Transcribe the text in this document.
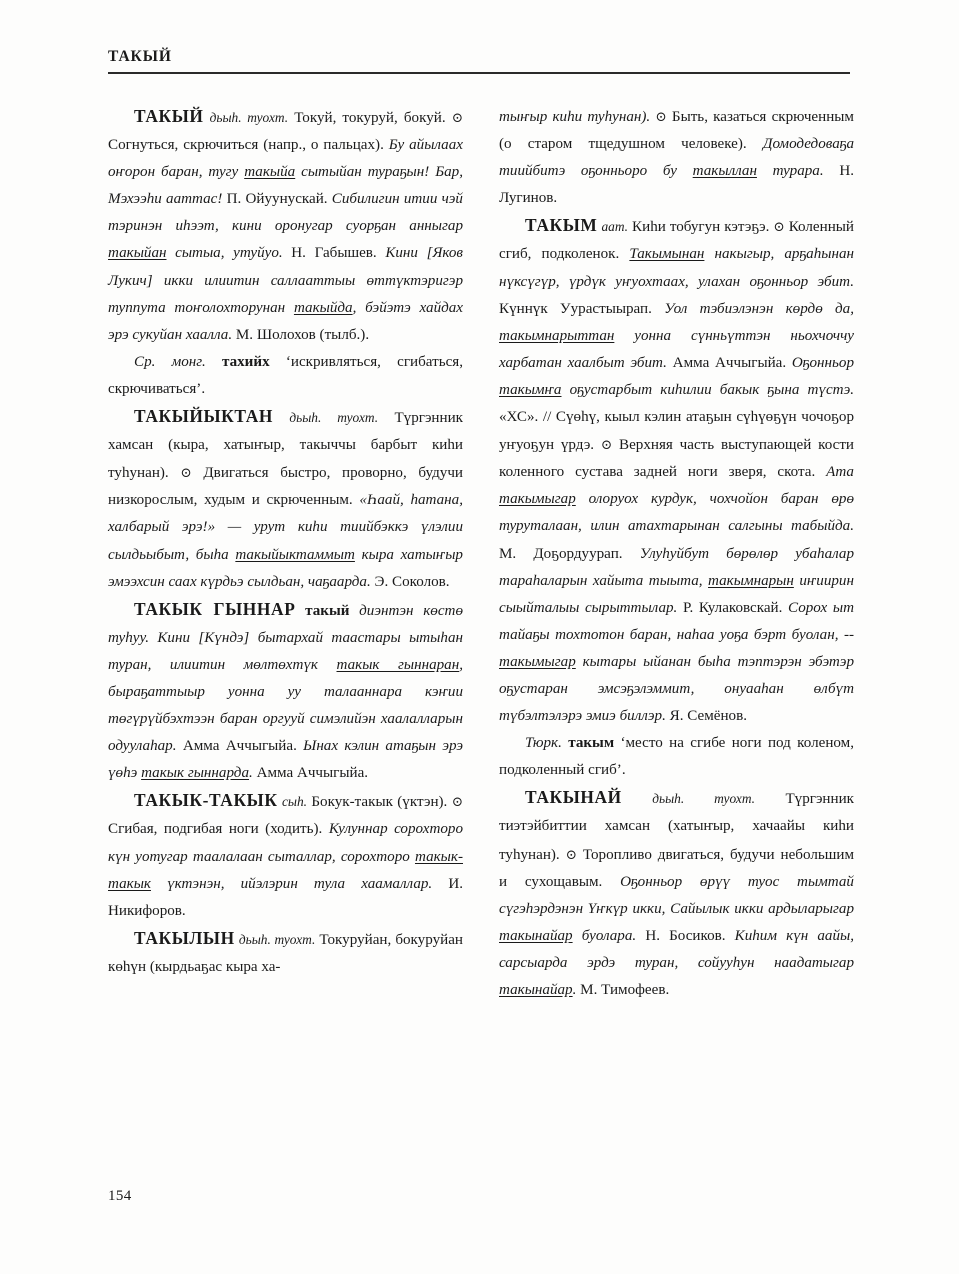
ТАКЫЙ

ТАКЫЙ дьыһ. туохт. Токуй, токуруй, бокуй. ⊙ Согнуться, скрючиться (напр., о пальцах). Бу айылаах оҥорон баран, тугу такыйа сытыйан тураҕын! Бар, Мэхээһи ааттас! П. Ойуунускай. Сибилигин итии чэй тэринэн иһээт, кини оронугар суорҕан анныгар такыйан сытыа, утуйуо. Н. Габышев. Кини [Яков Лукич] икки илиитин саллааттыы өттүктэригэр туппута тоҥолохторунан такыйда, бэйэтэ хайдах эрэ сукуйан хаалла. М. Шолохов (тылб.).

Ср. монг. тахийх ‘искривляться, сгибаться, скрючиваться’.

ТАКЫЙЫКТАН дьыһ. туохт. Түргэнник хамсан (кыра, хатыҥыр, такыччы барбыт киһи туһунан). ⊙ Двигаться быстро, проворно, будучи низкорослым, худым и скрюченным. «Һаай, һатана, халбарый эрэ!» — урут киһи тиийбэккэ үлэлии сылдьыбыт, быһа такыйыктаммыт кыра хатыҥыр эмээхсин саах күрдьэ сылдьан, чаҕаарда. Э. Соколов.

ТАКЫК ГЫННАР такый диэнтэн көстө туһуу. Кини [Күндэ] бытархай таастары ытыһан туран, илиитин мөлтөхтүк такык гыннаран, быраҕаттыыр уонна уу талааннара кэҥии төгүрүйбэхтээн баран оргууй симэлийэн хаалалларын одуулаһар. Амма Аччыгыйа. Ынах кэлин атаҕын эрэ үөһэ такык гыннарда. Амма Аччыгыйа.

ТАКЫК-ТАКЫК сыһ. Бокук-такык (үктэн). ⊙ Сгибая, подгибая ноги (ходить). Кулуннар сорохторо күн уотугар таалалаан сыталлар, сорохторо такык-такык үктэнэн, ийэлэрин тула хаамаллар. И. Никифоров.

ТАКЫЛЫН дьыһ. туохт. Токуруйан, бокуруйан көһүн (кырдьаҕас кыра ха-

тыҥыр киһи туһунан). ⊙ Быть, казаться скрюченным (о старом тщедушном человеке). Домодедоваҕа тиийбитэ оҕонньоро бу такыллан турара. Н. Лугинов.

ТАКЫМ аат. Киһи тобугун кэтэҕэ. ⊙ Коленный сгиб, подколенок. Такымынан накыгыр, арҕаһынан нүксүгүр, үрдүк уҥуохтаах, улахан оҕонньор эбит. Күннүк Уурастыырап. Уол тэбиэлэнэн көрдө да, такымнарыттан уонна сүнньүттэн ньохчоччу харбатан хаалбыт эбит. Амма Аччыгыйа. Оҕонньор такымҥа оҕустарбыт киһилии бакык ҕына түстэ. «ХС». // Сүөһү, кыыл кэлин атаҕын сүһүөҕүн чочоҕор уҥуоҕун үрдэ. ⊙ Верхняя часть выступающей кости коленного сустава задней ноги зверя, скота. Ата такымыгар олоруох курдук, чохчойон баран өрө туруталаан, илин атахтарынан салгыны табыйда. М. Доҕордуурап. Улуһуйбут бөрөлөр убаһалар тараһаларын хайыта тыыта, такымнарын иҥиирин сыыйталыы сырыттылар. Р. Кулаковскай. Сорох ыт тайаҕы тохтотон баран, наһаа уоҕа бэрт буолан, -- такымыгар кытары ыйанан быһа тэптэрэн эбэтэр оҕустаран эмсэҕэлэммит, онуааһан өлбүт түбэлтэлэрэ эмиэ биллэр. Я. Семёнов.

Тюрк. такым ‘место на сгибе ноги под коленом, подколенный сгиб’.

ТАКЫНАЙ дьыһ. туохт. Түргэнник тиэтэйбиттии хамсан (хатыҥыр, хачаайы киһи туһунан). ⊙ Торопливо двигаться, будучи небольшим и сухощавым. Оҕонньор өрүү туос тымтай сүгэһэрдэнэн Үҥкүр икки, Сайылык икки ардыларыгар такынайар буолара. Н. Босиков. Киһим күн аайы, сарсыарда эрдэ туран, сойууһун наадатыгар такынайар. М. Тимофеев.

154
